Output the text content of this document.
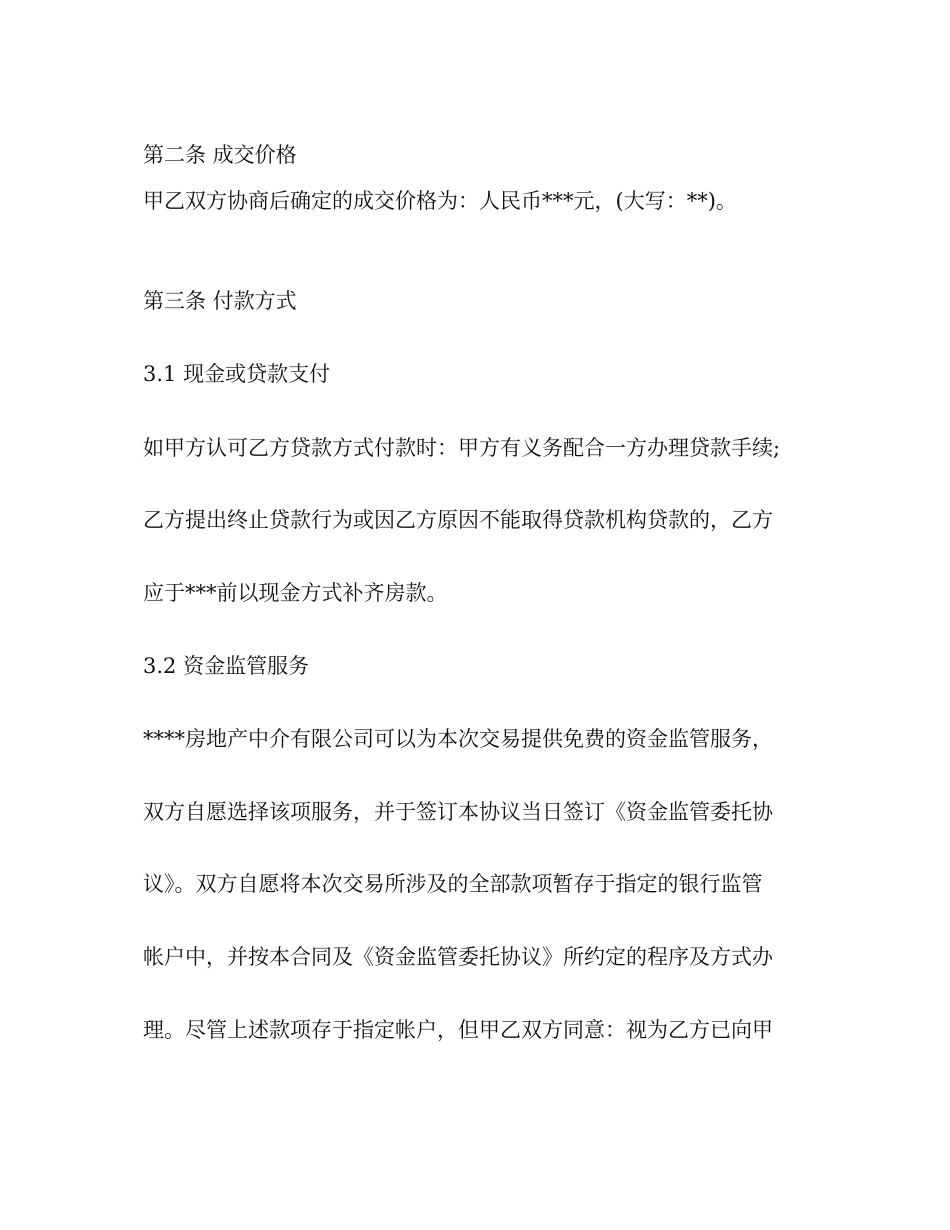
第二条 成交价格

甲乙双方协商后确定的成交价格为：人民币***元，(大写：**)。

第三条 付款方式

3.1 现金或贷款支付

如甲方认可乙方贷款方式付款时：甲方有义务配合一方办理贷款手续;

乙方提出终止贷款行为或因乙方原因不能取得贷款机构贷款的，乙方

应于***前以现金方式补齐房款。

3.2 资金监管服务

****房地产中介有限公司可以为本次交易提供免费的资金监管服务，

双方自愿选择该项服务，并于签订本协议当日签订《资金监管委托协

议》。双方自愿将本次交易所涉及的全部款项暂存于指定的银行监管

帐户中，并按本合同及《资金监管委托协议》所约定的程序及方式办

理。尽管上述款项存于指定帐户，但甲乙双方同意：视为乙方已向甲
